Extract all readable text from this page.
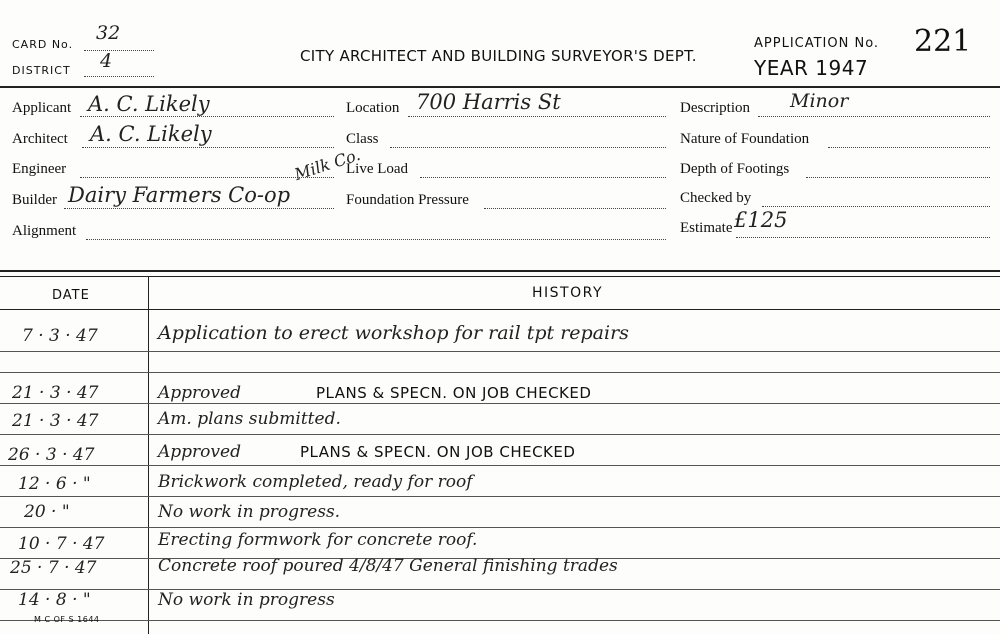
CARD No.
32
DISTRICT 4	CITY ARCHITECT AND BUILDING SURVEYOR'S DEPT.
APPLICATION No. 221
YEAR 1947
Applicant A. C. Likely
Architect A. C. Likely
Engineer
Builder Dairy Farmers Co-op
Milk Co.
Alignment
Location 700 Harris St
Class
Live Load
Foundation Pressure
Description Minor
Nature of Foundation
Depth of Footings
Checked by
Estimate £125
DATE	HISTORY
7 · 3 · 47	Application to erect workshop for rail tpt repairs
21 · 3 · 47	Approved	PLANS & SPECN. ON JOB CHECKED
21 · 3 · 47	Am. plans submitted.
26 · 3 · 47	Approved	PLANS & SPECN. ON JOB CHECKED
12 · 6 · "	Brickwork completed, ready for roof
20 · "	No work in progress.
10 · 7 · 47	Erecting formwork for concrete roof.
25 · 7 · 47	Concrete roof poured 4/8/47 General finishing trades
14 · 8 · "	No work in progress
M C OF S 1644
